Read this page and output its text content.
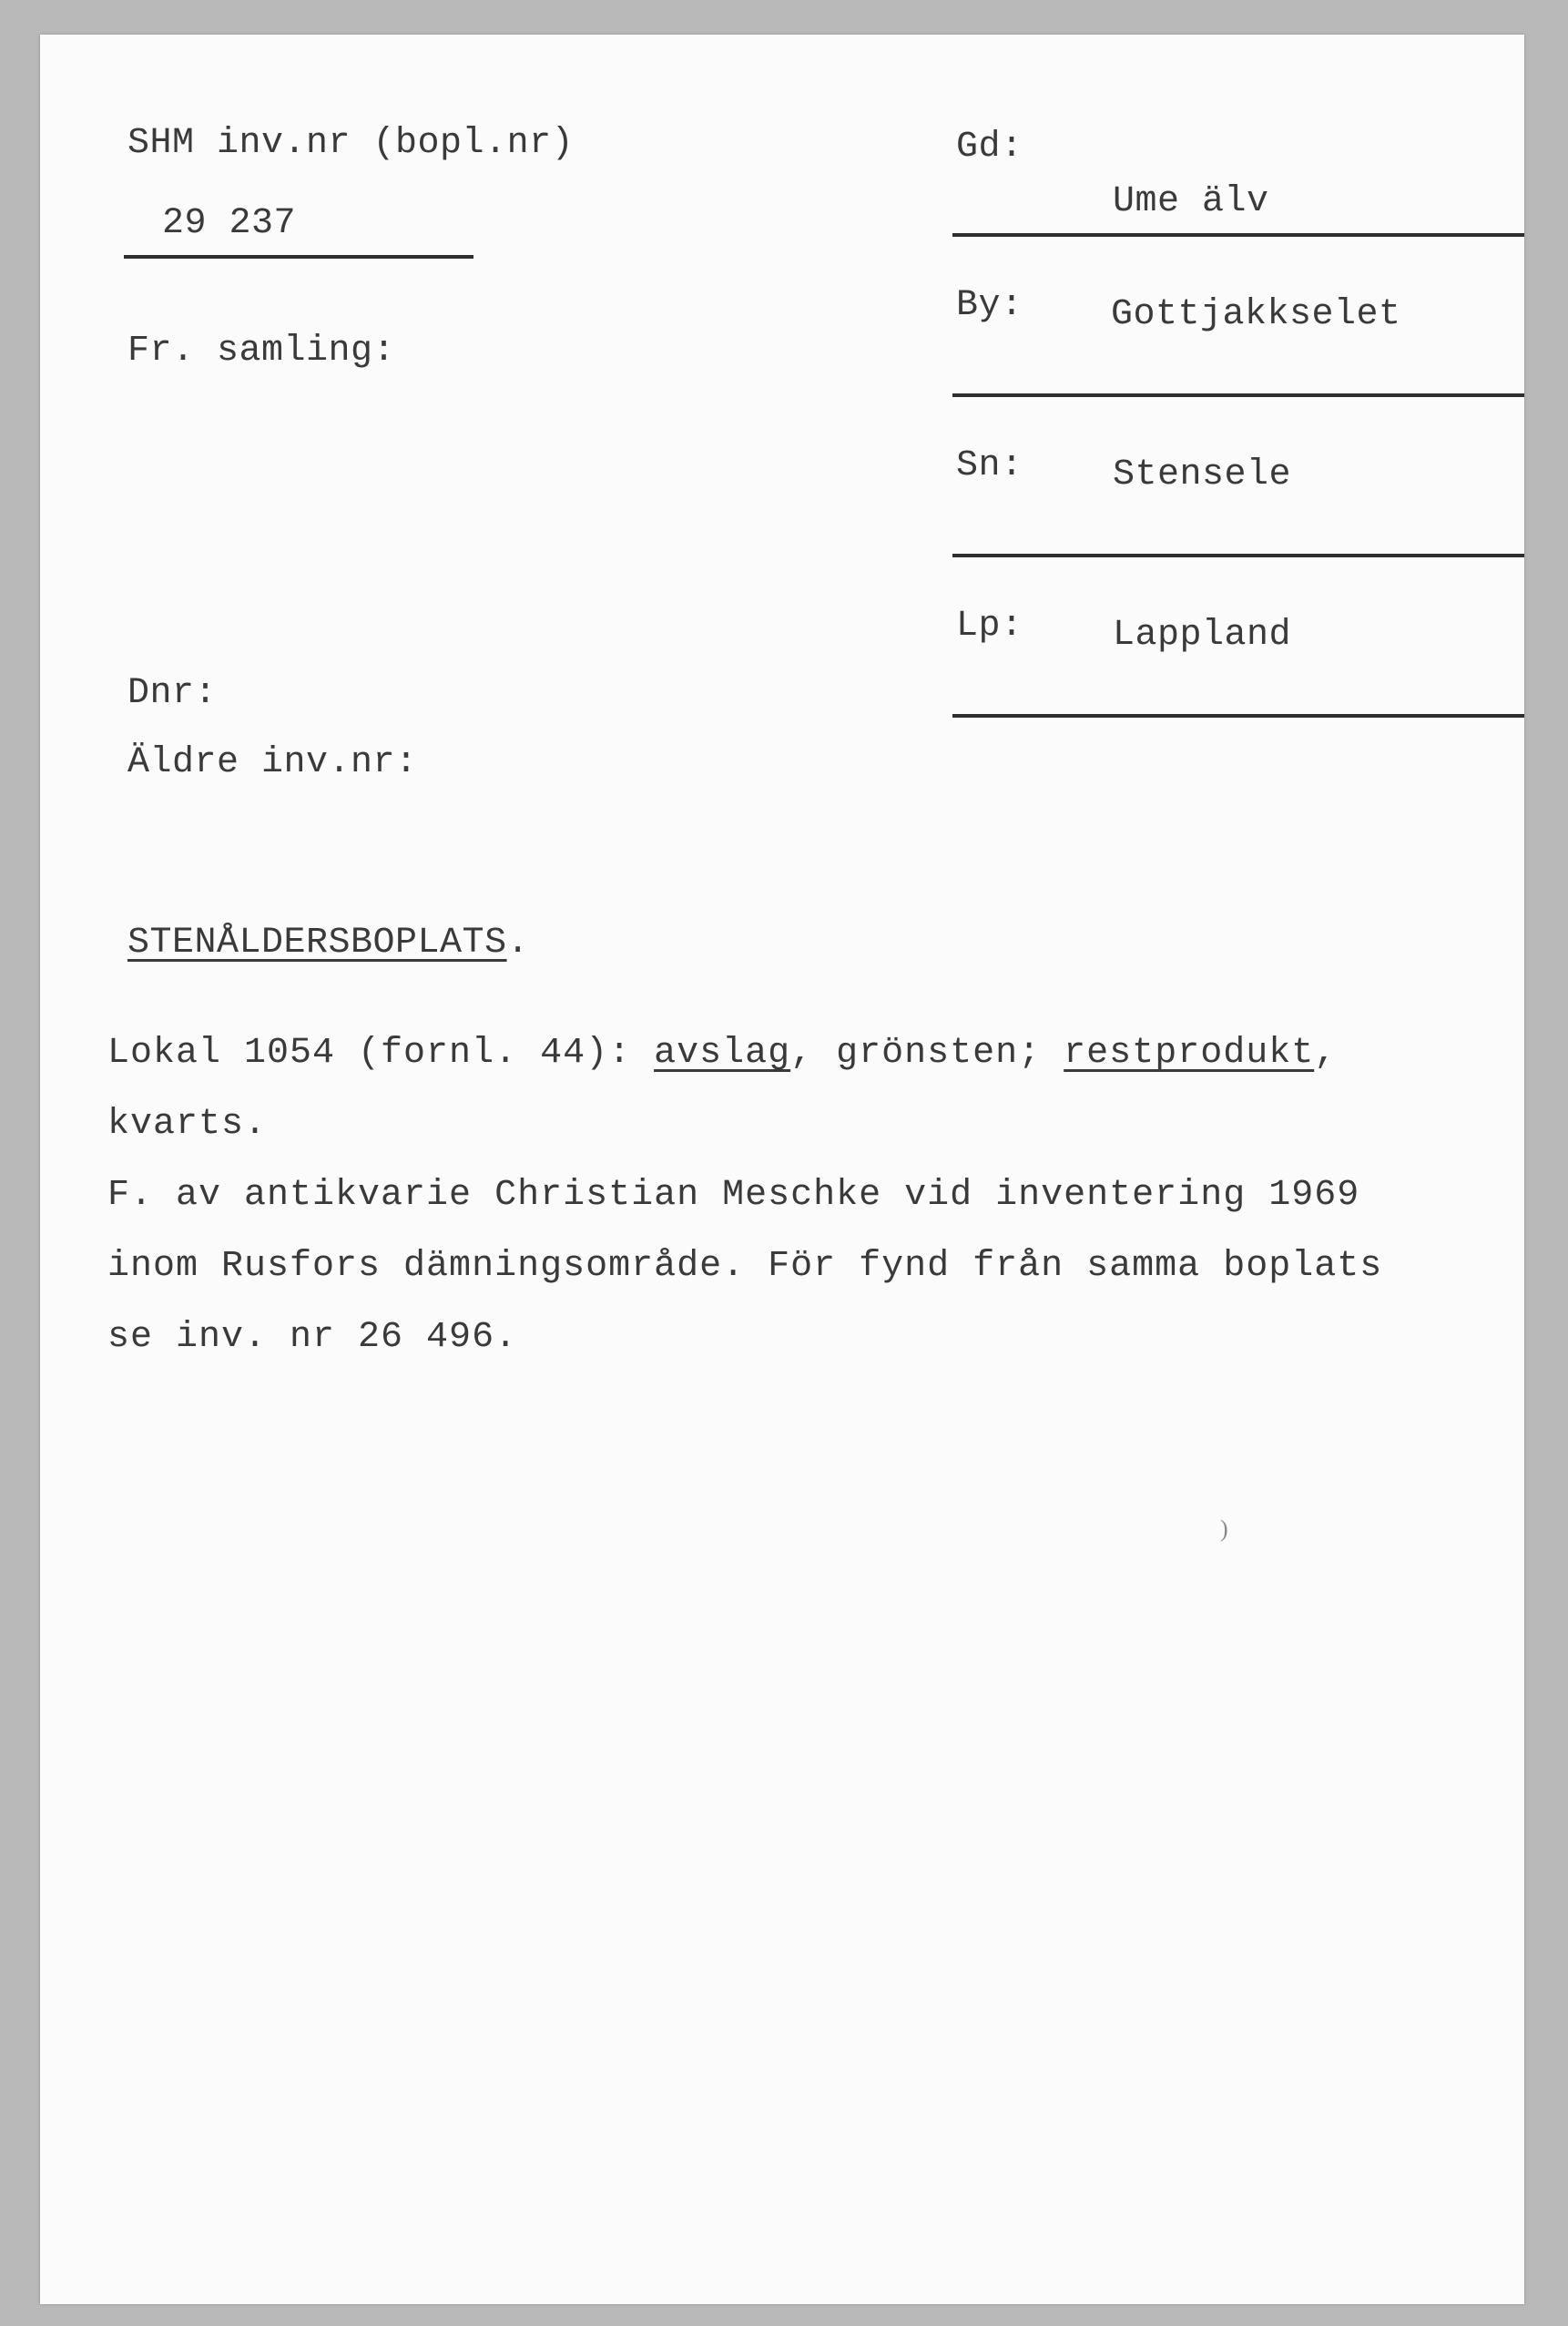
SHM inv.nr (bopl.nr)
29 237
Fr. samling:
Dnr:
Äldre inv.nr:
Gd:
Ume älv
By: Gottjakkselet
Sn: Stensele
Lp: Lappland
STENÅLDERSBOPLATS.
Lokal 1054 (fornl. 44): avslag, grönsten; restprodukt,
kvarts.
F. av antikvarie Christian Meschke vid inventering 1969
inom Rusfors dämningsområde. För fynd från samma boplats
se inv. nr 26 496.
)
